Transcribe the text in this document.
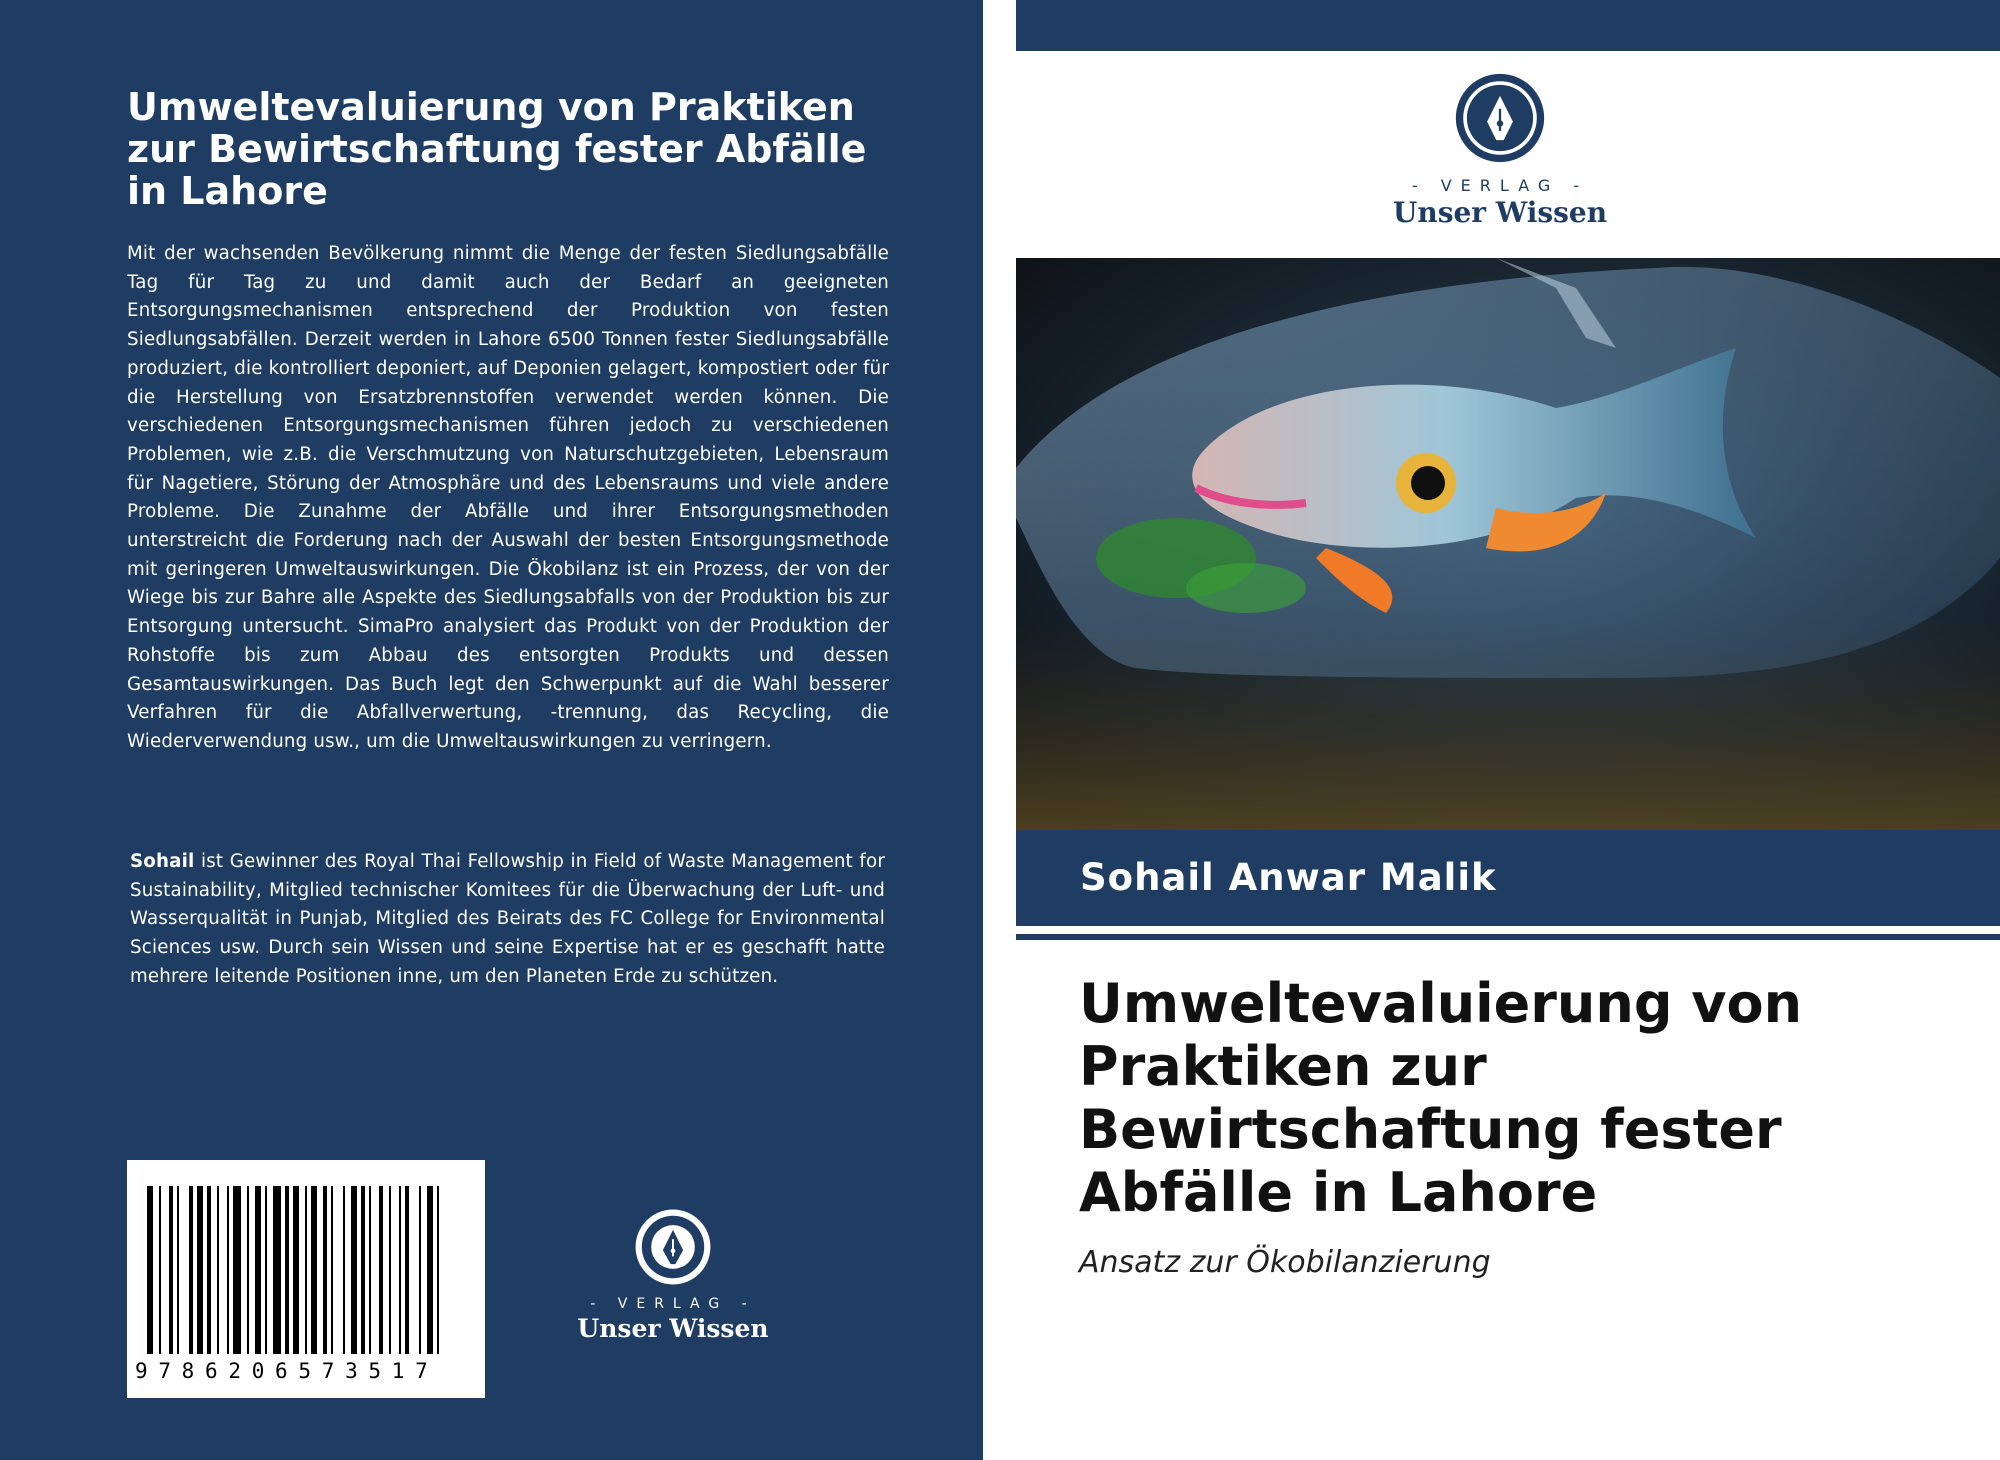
Umweltevaluierung von Praktiken zur Bewirtschaftung fester Abfälle in Lahore

Mit der wachsenden Bevölkerung nimmt die Menge der festen Siedlungsabfälle Tag für Tag zu und damit auch der Bedarf an geeigneten Entsorgungsmechanismen entsprechend der Produktion von festen Siedlungsabfällen. Derzeit werden in Lahore 6500 Tonnen fester Siedlungsabfälle produziert, die kontrolliert deponiert, auf Deponien gelagert, kompostiert oder für die Herstellung von Ersatzbrennstoffen verwendet werden können. Die verschiedenen Entsorgungsmechanismen führen jedoch zu verschiedenen Problemen, wie z.B. die Verschmutzung von Naturschutzgebieten, Lebensraum für Nagetiere, Störung der Atmosphäre und des Lebensraums und viele andere Probleme. Die Zunahme der Abfälle und ihrer Entsorgungsmethoden unterstreicht die Forderung nach der Auswahl der besten Entsorgungsmethode mit geringeren Umweltauswirkungen. Die Ökobilanz ist ein Prozess, der von der Wiege bis zur Bahre alle Aspekte des Siedlungsabfalls von der Produktion bis zur Entsorgung untersucht. SimaPro analysiert das Produkt von der Produktion der Rohstoffe bis zum Abbau des entsorgten Produkts und dessen Gesamtauswirkungen. Das Buch legt den Schwerpunkt auf die Wahl besserer Verfahren für die Abfallverwertung, -trennung, das Recycling, die Wiederverwendung usw., um die Umweltauswirkungen zu verringern.

Sohail ist Gewinner des Royal Thai Fellowship in Field of Waste Management for Sustainability, Mitglied technischer Komitees für die Überwachung der Luft- und Wasserqualität in Punjab, Mitglied des Beirats des FC College for Environmental Sciences usw. Durch sein Wissen und seine Expertise hat er es geschafft hatte mehrere leitende Positionen inne, um den Planeten Erde zu schützen.

9786206573517
- VERLAG -
Unser Wissen
- VERLAG -
Unser Wissen
Sohail Anwar Malik
Umweltevaluierung von Praktiken zur Bewirtschaftung fester Abfälle in Lahore
Ansatz zur Ökobilanzierung
